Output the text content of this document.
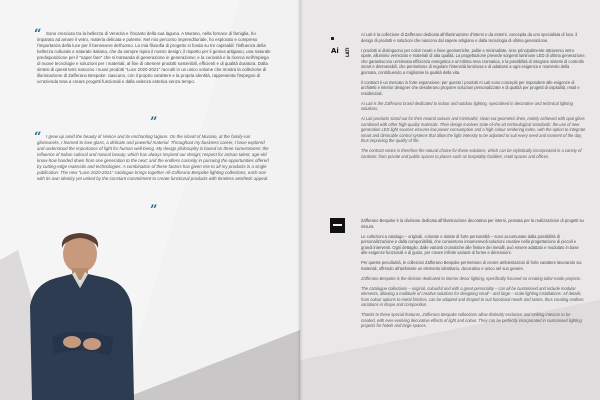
“	Sono cresciuto tra la bellezza di Venezia e l'incanto della sua laguna. A Murano, nella fornace di famiglia, ho imparato ad amare il vetro, materia delicata e potente. Nel mio percorso imprenditoriale, ho esplorato e compreso l'importanza della luce per il benessere dell'uomo. La mia filosofia di progetto si fonda su tre capisaldi: l'influenza della bellezza culturale e naturale italiana, che da sempre ispira il nostro design; il rispetto per il genius artigiano, una naturale predisposizione per il "saper fare" che si tramanda di generazione in generazione; e la curiosità e la ricerca nell'impiego di nuove tecnologie e soluzioni per i materiali, al fine di ottenere prodotti sostenibili, efficienti e di qualità duratura. Dalla sintesi di questi temi nascono i nuovi prodotti "Luce 2020-2021" raccolti in un unico volume che mostra la collezione di illuminazione di Zafferano Bespoke: ciascuno, con il proprio carattere e la propria identità, rappresenta l'impegno di un'azienda tesa a creare progetti funzionali e dalla valenza estetica senza tempo.

”
“	I grew up amid the beauty of Venice and its enchanting lagoon. On the island of Murano, at the family-run glassworks, I learned to love glass, a delicate and powerful material. Throughout my business career, I have explored and understood the importance of light for human well-being. My design philosophy is based on three cornerstones: the influence of Italian cultural and natural beauty, which has always inspired our design; respect for artisan talent, age-old know-how handed down from one generation to the next; and the endless curiosity in pursuing the opportunities offered by cutting-edge materials and technologies. A combination of these factors has given rise to all my products in a single publication. The new "Luce 2020-2021" catalogue brings together All-Zafferano Bespoke lighting collections, each one with its own identity yet united by the constant commitment to create functional products with timeless aesthetic appeal.

”
Ai LATI

Ai Lati è la collezione di Zafferano dedicata all'illuminazione d'interni e da esterni, concepita da uno specialista di luce, il design di prodotti e soluzioni che nascono dal sapere artigiano e dalla tecnologia di ultima generazione.

I prodotti si distinguono per colori neutri e linee geometriche, pulite e minimaliste, rese principalmente attraverso vetro opale, alluminio verniciato e materiali di alta qualità. La progettazione prevede sorgenti luminose LED di ultima generazione, che garantiscono un'elevata efficienza energetica e un'ottima resa cromatica, e la possibilità di integrare sistemi di controllo smart e dimmerabili, che permettono di regolare l'intensità luminosa e di adattarsi a ogni esigenza e momento della giornata, contribuendo a migliorare la qualità della vita.

Il contract è un mercato in forte espansione: per questo i prodotti Ai Lati sono concepiti per rispondere alle esigenze di architetti e interior designer che desiderano proporre soluzioni personalizzate e di qualità per progetti di ospitalità, retail e residenziali.

Ai Lati is the Zafferano brand dedicated to indoor and outdoor lighting, specialised in decorative and technical lighting solutions.

Ai Lati products stand out for their neutral colours and minimalist, clean-cut geometric lines, mainly achieved with opal glass combined with other high-quality materials. Their design involves state-of-the-art technological standards: the use of new generation LED light sources ensures low power consumption and a high colour rendering index, with the option to integrate smart and dimmable control systems that allow the light intensity to be adjusted to suit every need and moment of the day, thus improving the quality of life.

The contract sector is therefore the natural choice for these solutions, which can be stylistically incorporated in a variety of contexts: from private and public spaces to places such as hospitality facilities, retail spaces and offices.

Zafferano Bespoke è la divisione dedicata all'illuminazione decorativa per interni, pensata per la realizzazione di progetti su misura.

Le collezioni a catalogo – originali, colorate e dotate di forte personalità – sono accomunate dalla possibilità di personalizzazione e dalla componibilità, che consentono innumerevoli soluzioni creative nella progettazione di piccoli e grandi interventi. Ogni dettaglio, dalle varianti cromatiche alle finiture dei metalli, può essere adattato e modulato in base alle esigenze funzionali e di gusto, per creare infinite varianti di forme e dimensioni.

Per queste peculiarità, le collezioni Zafferano Bespoke permettono di creare ambientazioni di forte carattere lavorando sui materiali, offrendo all'ambiente un elemento identitario, decorativo e unico nel suo genere.

Zafferano Bespoke is the division dedicated to interior decor lighting, specifically focused on creating tailor-made projects.

The catalogue collections – original, colourful and with a great personality – can all be customised and include modular elements, allowing a multitude of creative solutions for designing small – and large – scale lighting installations. All details, from colour options to metal finishes, can be adapted and shaped to suit functional needs and tastes, thus creating endless variations in shape and composition.

Thanks to these special features, Zafferano Bespoke collections allow distinctly exclusive and striking interiors to be created, with ever-evolving decorative effects of light and colour. They can be perfectly incorporated in customised lighting projects for hotels and large spaces.
